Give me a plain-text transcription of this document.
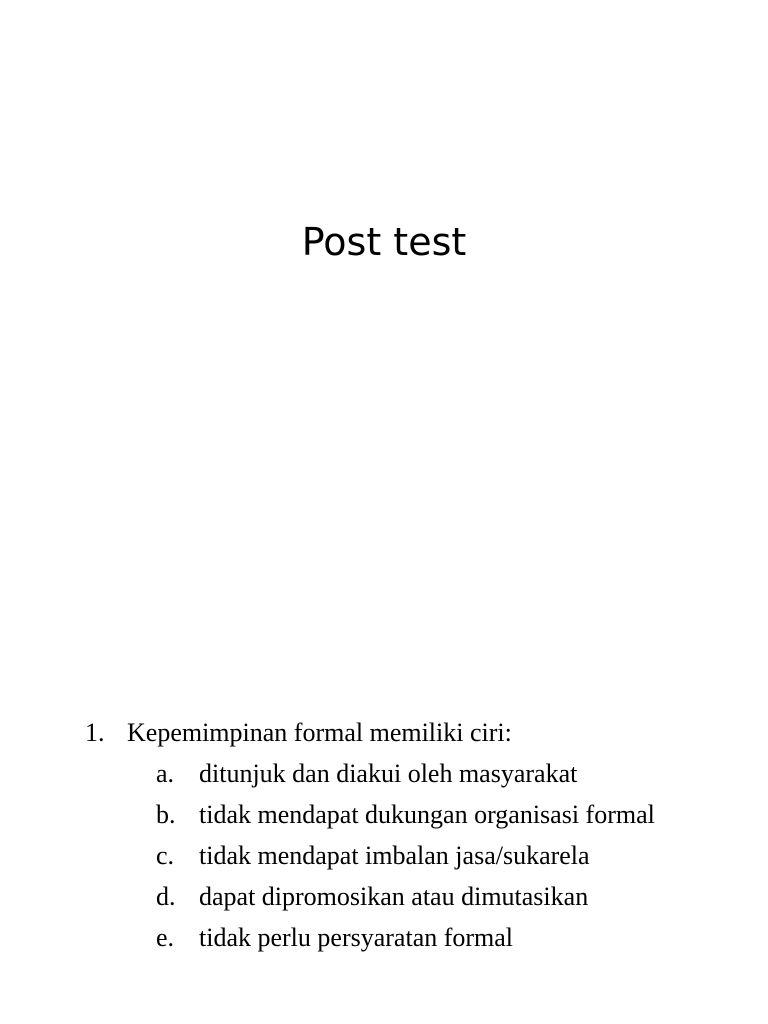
Post test
1. Kepemimpinan formal memiliki ciri:
a. ditunjuk dan diakui oleh masyarakat
b. tidak mendapat dukungan organisasi formal
c. tidak mendapat imbalan jasa/sukarela
d. dapat dipromosikan atau dimutasikan
e. tidak perlu persyaratan formal
